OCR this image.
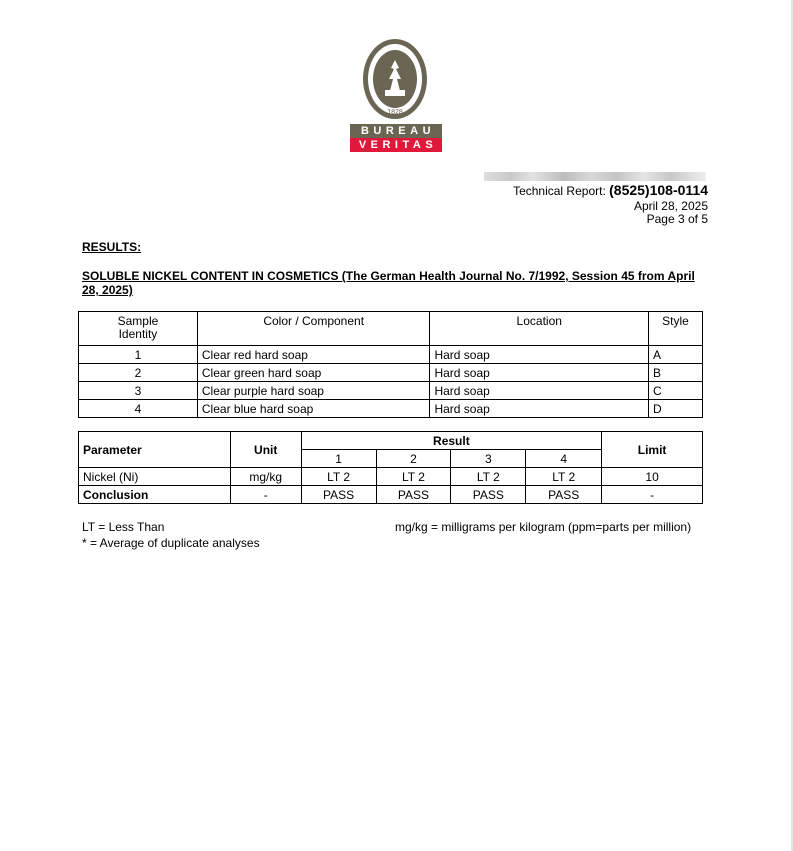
1828
BUREAU
VERITAS
Technical Report: (8525)108-0114
April 28, 2025
Page 3 of 5
RESULTS:
SOLUBLE NICKEL CONTENT IN COSMETICS (The German Health Journal No. 7/1992, Session 45 from April 28, 2025)
Sample Identity	Color / Component	Location	Style
1	Clear red hard soap	Hard soap	A
2	Clear green hard soap	Hard soap	B
3	Clear purple hard soap	Hard soap	C
4	Clear blue hard soap	Hard soap	D
Parameter	Unit	Result				Limit
		1	2	3	4	
Nickel (Ni)	mg/kg	LT 2	LT 2	LT 2	LT 2	10
Conclusion	-	PASS	PASS	PASS	PASS	-
LT = Less Than
* = Average of duplicate analyses
mg/kg = milligrams per kilogram (ppm=parts per million)
